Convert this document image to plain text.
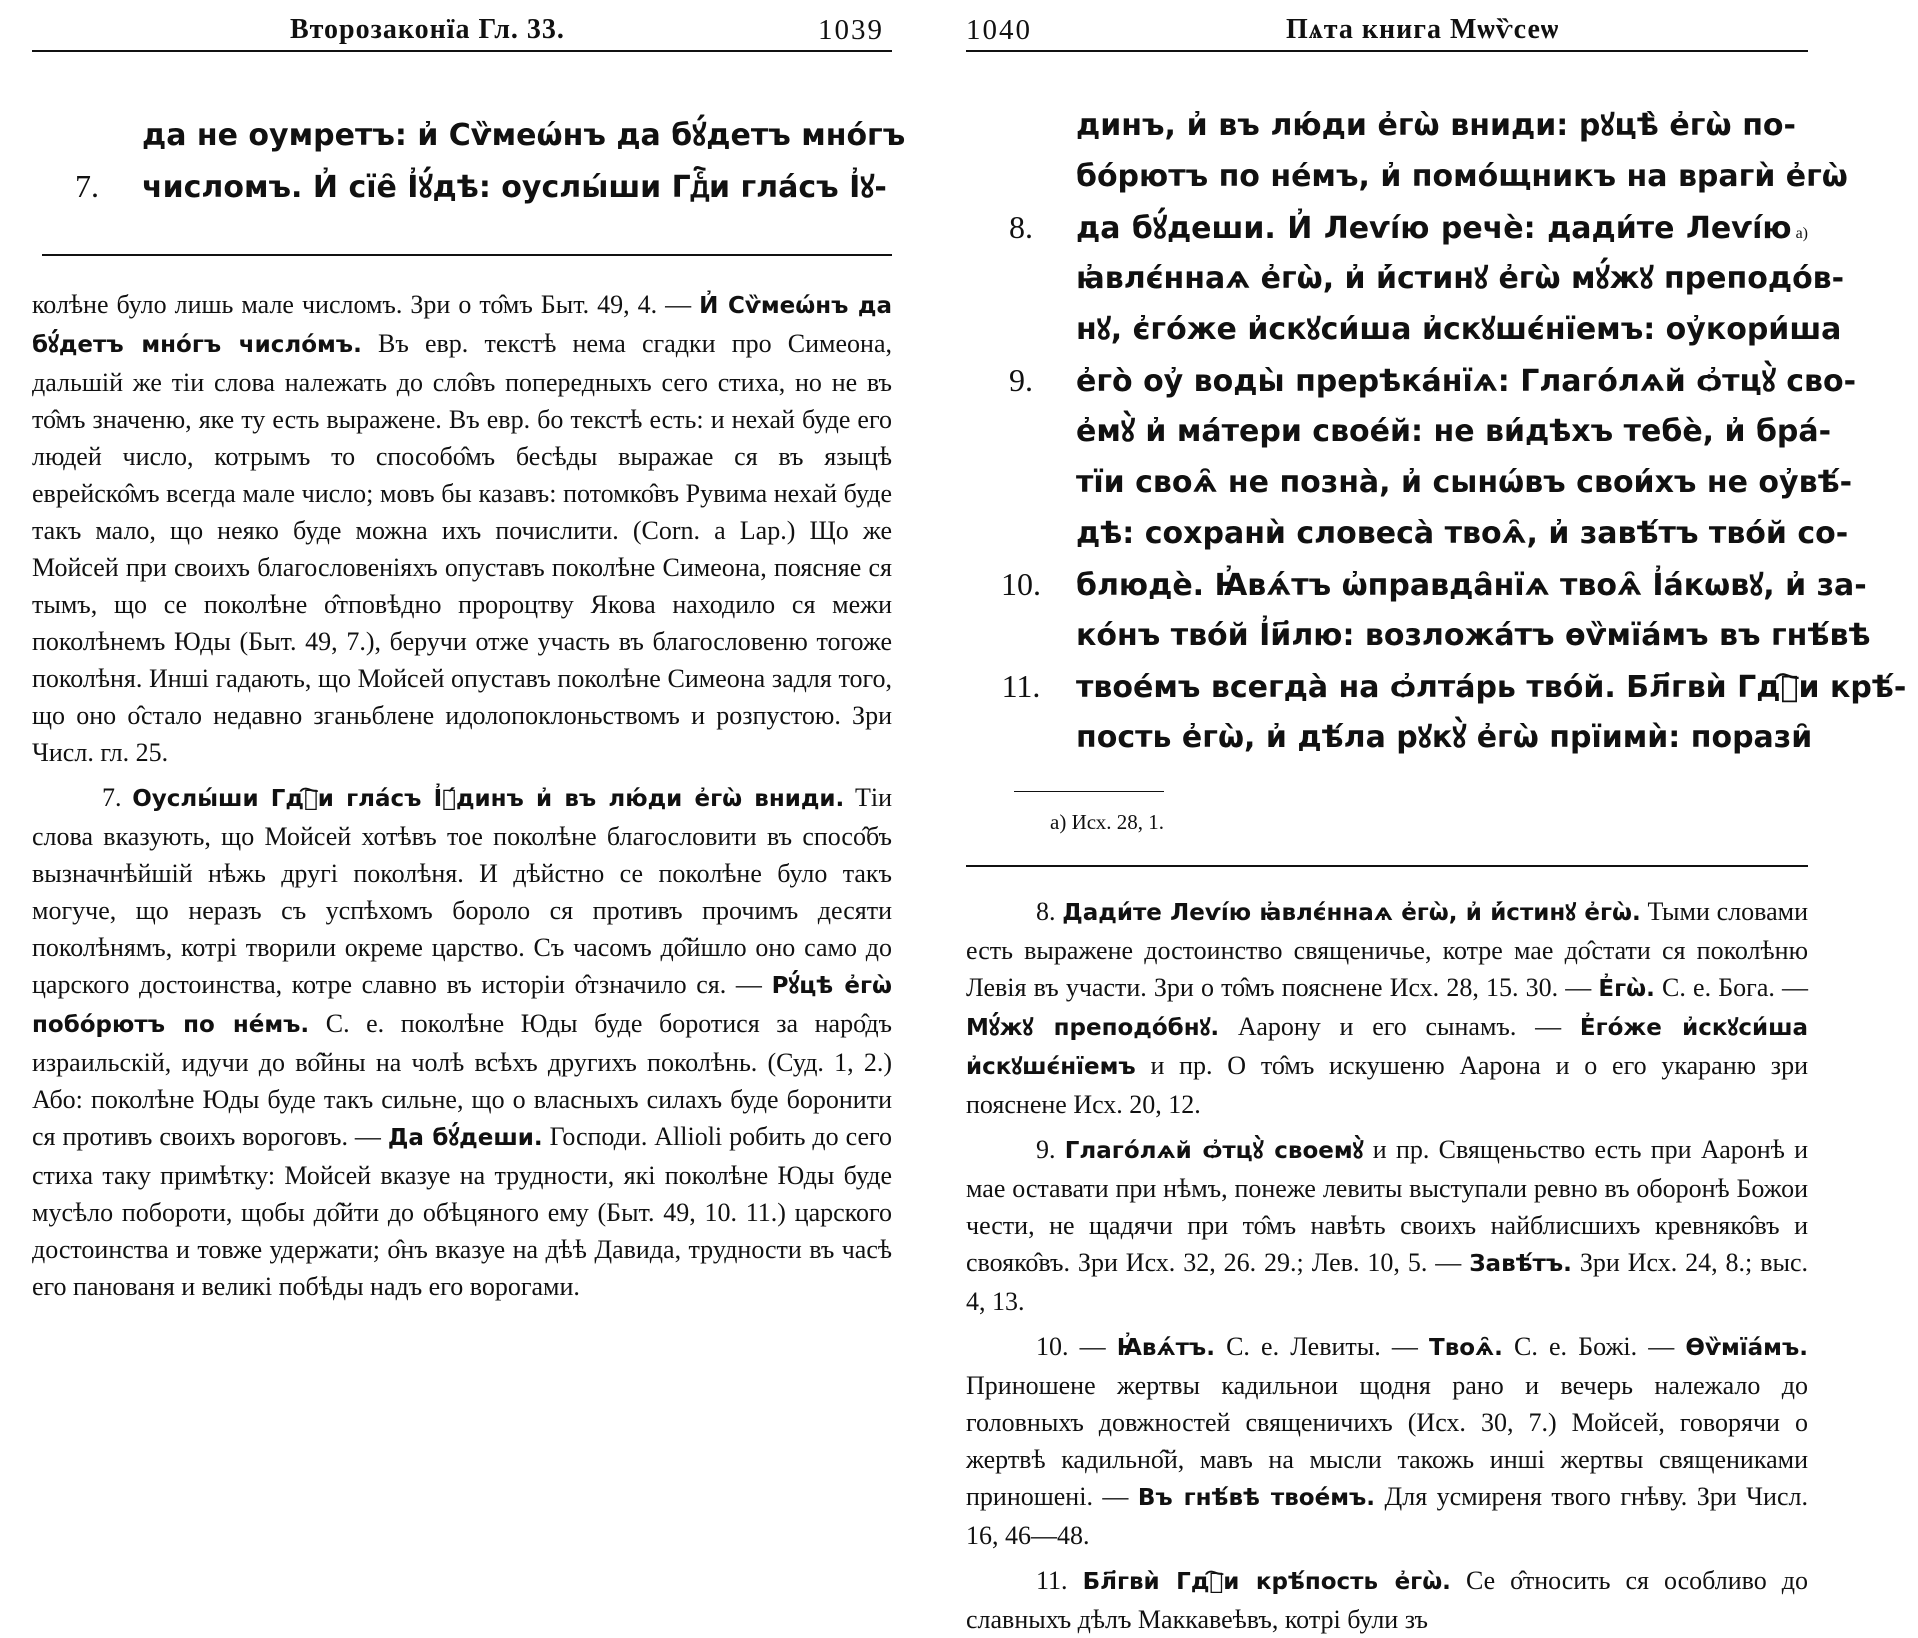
Второзаконїа Гл. 33.	1039
да не оумретъ: и҆ Сѷмеѡ́нъ да бꙋ́детъ мно́гъ
7.	числомъ. И҆ сїе̑ І҆ꙋ́дѣ: оуслы́ши Гдⷭ҇и гла́съ І҆ꙋ-

колѣне було лишь мале числомъ. Зри о то̂мъ Быт. 49, 4. — И҆ Сѷмеѡ́нъ да бꙋ́детъ мно́гъ число́мъ. Въ евр. текстѣ нема сгадки про Симеона, дальшій же тіи слова належать до сло̂въ попередныхъ сего стиха, но не въ то̂мъ значеню, яке ту есть выражене. Въ евр. бо текстѣ есть: и нехай буде его людей число, котрымъ то способо̂мъ бесѣды выражае ся въ языцѣ еврейско̂мъ всегда мале число; мовъ бы казавъ: потомко̂въ Рувима нехай буде такъ мало, що неяко буде можна ихъ почислити. (Corn. a Lap.) Що же Мойсей при своихъ благословеніяхъ опуставъ поколѣне Симеона, поясняе ся тымъ, що се поколѣне о̂тповѣдно пророцтву Якова находило ся межи поколѣнемъ Юды (Быт. 49, 7.), беручи отже участь въ благословеню тогоже поколѣня. Инші гадають, що Мойсей опуставъ поколѣне Симеона задля того, що оно о̂стало недавно зганьблене идолопоклоньствомъ и розпустою. Зри Числ. гл. 25.

7. Оуслы́ши Гдⷭ҇и гла́съ І҆ꙋ́динъ и҆ въ лю́ди е҆гѡ̀ вниди. Тіи слова вказують, що Мойсей хотѣвъ тое поколѣне благословити въ спосо̂бъ вызначнѣйшій нѣжь другі поколѣня. И дѣйстно се поколѣне було такъ могуче, що неразъ съ успѣхомъ бороло ся противъ прочимъ десяти поколѣнямъ, котрі творили окреме царство. Съ часомъ до̂йшло оно само до царского достоинства, котре славно въ исторіи о̂тзначило ся. — Рꙋ́цѣ е҆гѡ̀ побо́рютъ по не́мъ. С. е. поколѣне Юды буде боротися за наро̂дъ израильскій, идучи до во̂йны на чолѣ всѣхъ другихъ поколѣнь. (Суд. 1, 2.) Або: поколѣне Юды буде такъ сильне, що о власныхъ силахъ буде боронити ся противъ своихъ вороговъ. — Да бꙋ́деши. Господи. Allioli робить до сего стиха таку примѣтку: Мойсей вказуе на трудности, які поколѣне Юды буде мусѣло побороти, щобы до̂йти до обѣцяного ему (Быт. 49, 10. 11.) царского достоинства и товже удержати; о̂нъ вказуе на дѣѣ Давида, трудности въ часѣ его панованя и великі побѣды надъ его ворогами.

1040	Пѧта книга Мѡѷсеѡ
динъ, и҆ въ лю́ди е҆гѡ̀ вниди: рꙋцѣ̀ е҆гѡ̀ по-
бо́рютъ по не́мъ, и҆ помо́щникъ на врагѝ е҆гѡ̀
8.	да бꙋ́деши. И҆ Леѵі́ю речѐ: дади́те Леѵі́ю a)
ꙗ҆влє́ннаѧ е҆гѡ̀, и҆ и҆́стинꙋ е҆гѡ̀ мꙋ́жꙋ преподо́в-
нꙋ, є҆го́же и҆скꙋси́ша и҆скꙋшє́нїемъ: оу҆кори́ша
9.	е҆го̀ оу҆ воды̀ прерѣка́нїѧ: Глаго́лѧй ѻ҆тцꙋ̀ сво-
е҆мꙋ̀ и҆ ма́тери свое́й: не ви́дѣхъ тебѐ, и҆ бра́-
тїи своѧ̑ не позна̀, и҆ сынѡ́въ свои́хъ не оу҆вѣ́-
дѣ: сохранѝ словеса̀ твоѧ̑, и҆ завѣ́тъ тво́й со-
10.	блюдѐ. Ꙗ҆вѧ́тъ ѡ҆правда̑нїѧ твоѧ̑ І҆а́кѡвꙋ, и҆ за-
ко́нъ тво́й І҆и҃лю: возложа́тъ ѳѷмїа́мъ въ гнѣ́вѣ
11.	твое́мъ всегда̀ на ѻ҆лта́рь тво́й. Бл҃гвѝ Гдⷭ҇и крѣ́-
пость е҆гѡ̀, и҆ дѣ́ла рꙋкꙋ̀ е҆гѡ̀ прїимѝ: порази̑
а) Исх. 28, 1.

8. Дади́те Леѵі́ю ꙗ҆влє́ннаѧ е҆гѡ̀, и҆ и҆́стинꙋ е҆гѡ̀. Тыми словами есть выражене достоинство священичье, котре мае до̂стати ся поколѣню Левія въ участи. Зри о то̂мъ пояснене Исх. 28, 15. 30. — Е҆гѡ̀. С. е. Бога. — Мꙋ́жꙋ преподо́бнꙋ. Аарону и его сынамъ. — Е҆го́же и҆скꙋси́ша и҆скꙋшє́нїемъ и пр. О то̂мъ искушеню Аарона и о его укараню зри пояснене Исх. 20, 12.

9. Глаго́лѧй ѻ҆тцꙋ̀ своемꙋ̀ и пр. Священьство есть при Ааронѣ и мае оставати при нѣмъ, понеже левиты выступали ревно въ обоpонѣ Божои чести, не щадячи при то̂мъ навѣть своихъ найблисшихъ кревняко̂въ и свояко̂въ. Зри Исх. 32, 26. 29.; Лев. 10, 5. — Завѣ́тъ. Зри Исх. 24, 8.; выс. 4, 13.

10. — Ꙗ҆вѧ́тъ. С. е. Левиты. — Твоѧ̑. С. е. Божі. — Ѳѷмїа́мъ. Приношене жертвы кадильнои щодня рано и вечерь належало до головныхъ довжностей священичихъ (Исх. 30, 7.) Мойсей, говорячи о жертвѣ кадильно̂й, мавъ на мысли такожь инші жертвы священиками приношені. — Въ гнѣ́вѣ твое́мъ. Для усмиреня твого гнѣву. Зри Числ. 16, 46—48.

11. Бл҃гвѝ Гдⷭ҇и крѣ́пость е҆гѡ̀. Се о̂тносить ся особливо до славныхъ дѣлъ Маккавеѣвъ, котрі були зъ
